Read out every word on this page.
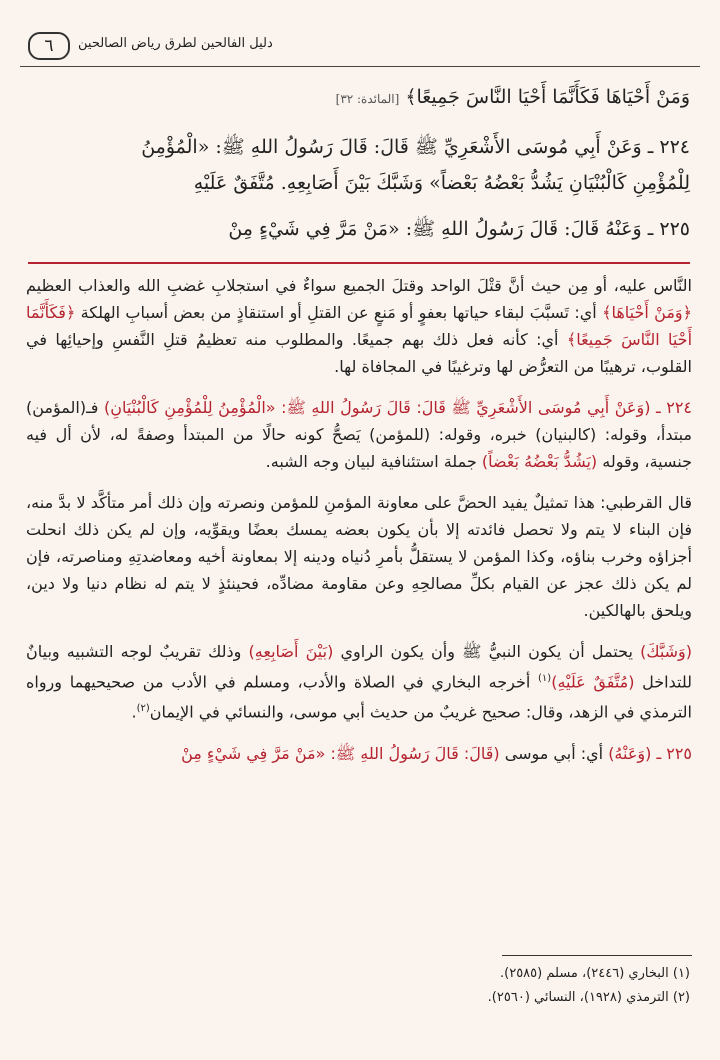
٦	دليل الفالحين لطرق رياض الصالحين
وَمَنْ أَحْيَاهَا فَكَأَنَّمَا أَحْيَا النَّاسَ جَمِيعًا﴾ [المائدة: ٣٢]
٢٢٤ ـ وَعَنْ أَبِي مُوسَى الأَشْعَرِيِّ ﷺ قَالَ: قَالَ رَسُولُ اللهِ ﷺ: «الْمُؤْمِنُ
لِلْمُؤْمِنِ كَالْبُنْيَانِ يَشُدُّ بَعْضُهُ بَعْضاً» وَشَبَّكَ بَيْنَ أَصَابِعِهِ. مُتَّفَقٌ عَلَيْهِ
٢٢٥ ـ وَعَنْهُ قَالَ: قَالَ رَسُولُ اللهِ ﷺ: «مَنْ مَرَّ فِي شَيْءٍ مِنْ

النَّاس عليه، أو مِن حيث أنَّ قتْلَ الواحد وقتلَ الجميع سواءٌ في استجلابِ غضبِ الله والعذاب العظيم ﴿وَمَنْ أَحْيَاهَا﴾ أي: تَسبَّبَ لبقاء حياتها بعفوٍ أو مَنعٍ عن القتلِ أو استنقاذٍ من بعض أسبابِ الهلكة ﴿فَكَأَنَّمَا أَحْيَا النَّاسَ جَمِيعًا﴾ أي: كأنه فعل ذلك بهم جميعًا. والمطلوب منه تعظيمُ قتلِ النَّفسِ وإحيائِها في القلوب، ترهيبًا من التعرُّض لها وترغيبًا في المجافاة لها.

٢٢٤ ـ (وَعَنْ أَبِي مُوسَى الأَشْعَرِيِّ ﷺ قَالَ: قَالَ رَسُولُ اللهِ ﷺ: «الْمُؤْمِنُ لِلْمُؤْمِنِ كَالْبُنْيَانِ) فـ(المؤمن) مبتدأ، وقوله: (كالبنيان) خبره، وقوله: (للمؤمن) يَصحُّ كونه حالًا من المبتدأ وصفةً له، لأن أل فيه جنسية، وقوله (يَشُدُّ بَعْضُهُ بَعْضاً) جملة استئنافية لبيان وجه الشبه.

قال القرطبي: هذا تمثيلٌ يفيد الحضَّ على معاونة المؤمنِ للمؤمن ونصرته وإن ذلك أمر متأكَّد لا بدَّ منه، فإن البناء لا يتم ولا تحصل فائدته إلا بأن يكون بعضه يمسك بعضًا ويقوِّيه، وإن لم يكن ذلك انحلت أجزاؤه وخرب بناؤه، وكذا المؤمن لا يستقلُّ بأمرِ دُنياه ودينه إلا بمعاونة أخيه ومعاضدتِهِ ومناصرته، فإن لم يكن ذلك عجز عن القيام بكلِّ مصالحِهِ وعن مقاومة مضادِّه، فحينئذٍ لا يتم له نظام دنيا ولا دين، ويلحق بالهالكين.

(وَشَبَّكَ) يحتمل أن يكون النبيُّ ﷺ وأن يكون الراوي (بَيْنَ أَصَابِعِهِ) وذلك تقريبٌ لوجه التشبيه وبيانٌ للتداخل (مُتَّفَقٌ عَلَيْهِ)$^{(١)}$ أخرجه البخاري في الصلاة والأدب، ومسلم في الأدب من صحيحيهما ورواه الترمذي في الزهد، وقال: صحيح غريبٌ من حديث أبي موسى، والنسائي في الإيمان$^{(٢)}$.

٢٢٥ ـ (وَعَنْهُ) أي: أبي موسى (قَالَ: قَالَ رَسُولُ اللهِ ﷺ: «مَنْ مَرَّ فِي شَيْءٍ مِنْ

(١) البخاري (٢٤٤٦)، مسلم (٢٥٨٥).
(٢) الترمذي (١٩٢٨)، النسائي (٢٥٦٠).
